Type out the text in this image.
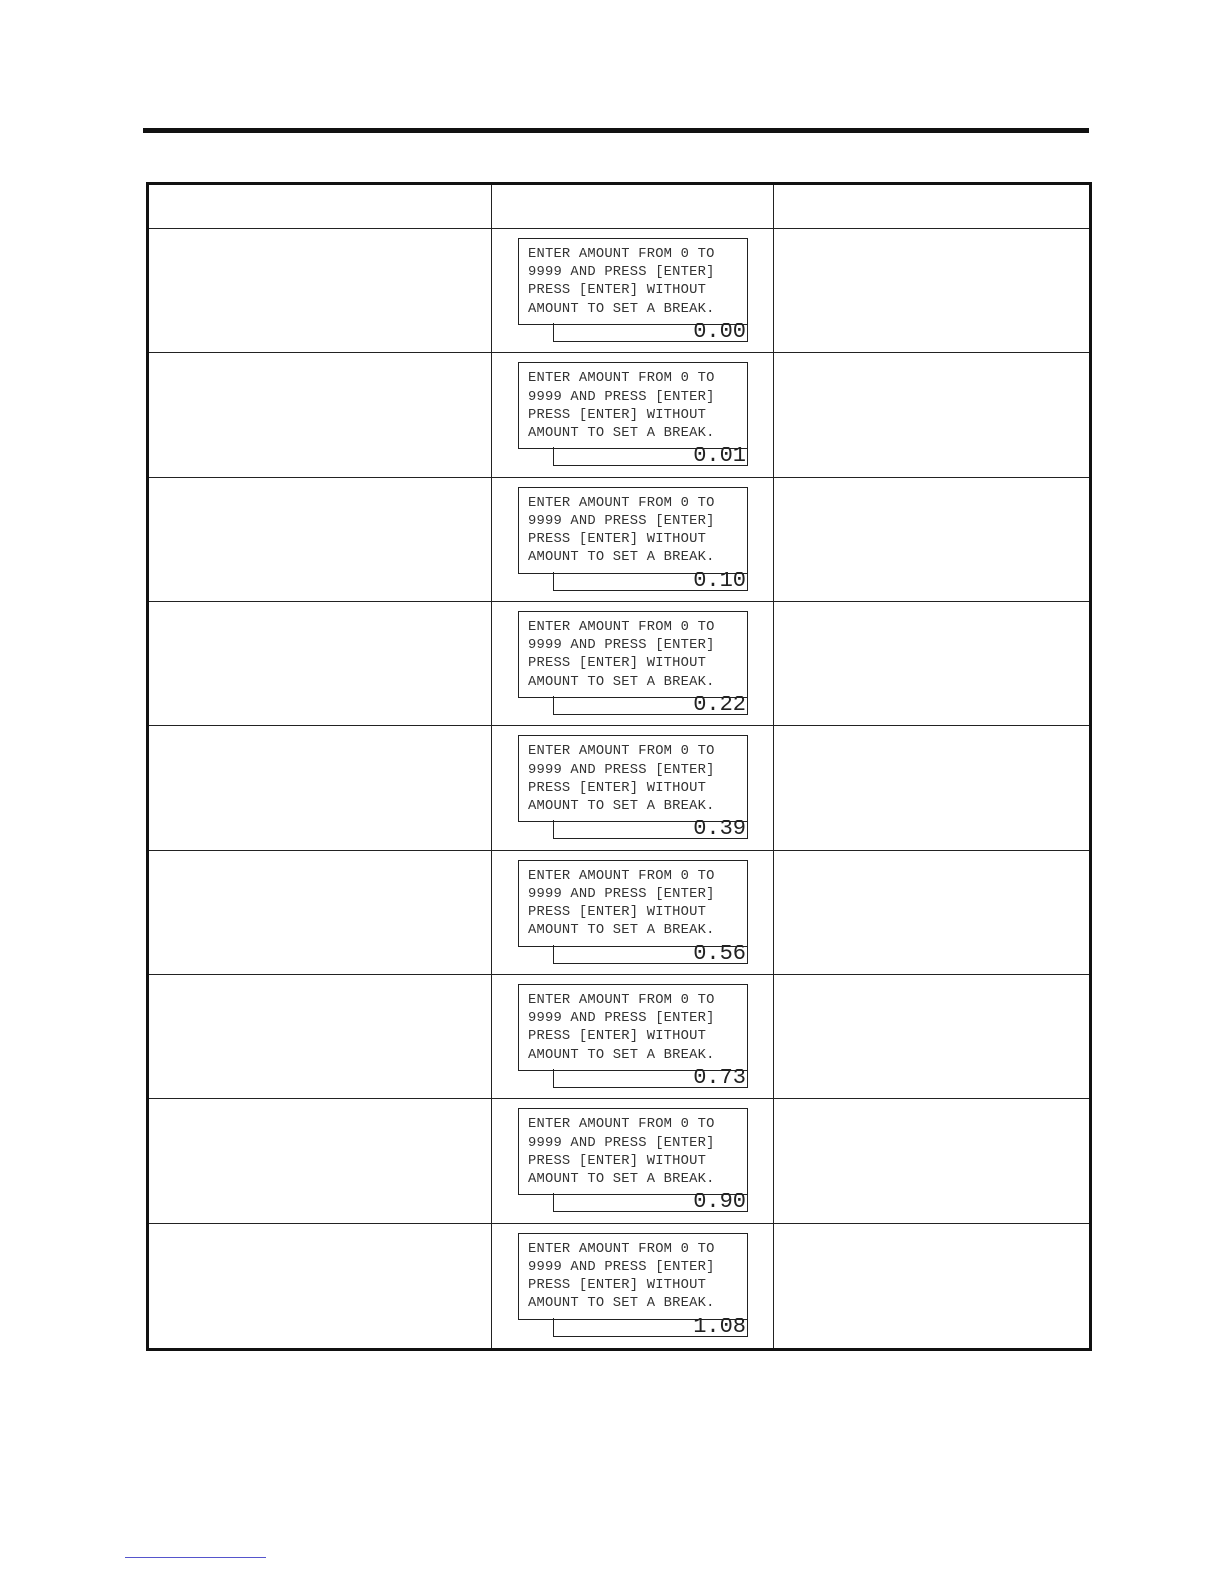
ENTER AMOUNT FROM 0 TO
9999 AND PRESS [ENTER]
PRESS [ENTER] WITHOUT
AMOUNT TO SET A BREAK.
0.00
ENTER AMOUNT FROM 0 TO
9999 AND PRESS [ENTER]
PRESS [ENTER] WITHOUT
AMOUNT TO SET A BREAK.
0.01
ENTER AMOUNT FROM 0 TO
9999 AND PRESS [ENTER]
PRESS [ENTER] WITHOUT
AMOUNT TO SET A BREAK.
0.10
ENTER AMOUNT FROM 0 TO
9999 AND PRESS [ENTER]
PRESS [ENTER] WITHOUT
AMOUNT TO SET A BREAK.
0.22
ENTER AMOUNT FROM 0 TO
9999 AND PRESS [ENTER]
PRESS [ENTER] WITHOUT
AMOUNT TO SET A BREAK.
0.39
ENTER AMOUNT FROM 0 TO
9999 AND PRESS [ENTER]
PRESS [ENTER] WITHOUT
AMOUNT TO SET A BREAK.
0.56
ENTER AMOUNT FROM 0 TO
9999 AND PRESS [ENTER]
PRESS [ENTER] WITHOUT
AMOUNT TO SET A BREAK.
0.73
ENTER AMOUNT FROM 0 TO
9999 AND PRESS [ENTER]
PRESS [ENTER] WITHOUT
AMOUNT TO SET A BREAK.
0.90
ENTER AMOUNT FROM 0 TO
9999 AND PRESS [ENTER]
PRESS [ENTER] WITHOUT
AMOUNT TO SET A BREAK.
1.08
